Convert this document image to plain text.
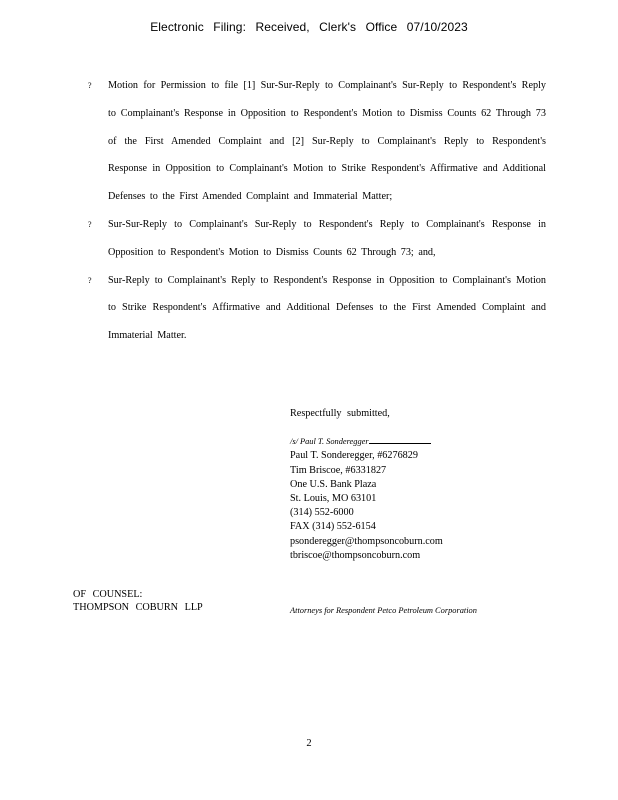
Electronic Filing: Received, Clerk's Office 07/10/2023
? Motion for Permission to file [1] Sur-Sur-Reply to Complainant's Sur-Reply to Respondent's Reply to Complainant's Response in Opposition to Respondent's Motion to Dismiss Counts 62 Through 73 of the First Amended Complaint and [2] Sur-Reply to Complainant's Reply to Respondent's Response in Opposition to Complainant's Motion to Strike Respondent's Affirmative and Additional Defenses to the First Amended Complaint and Immaterial Matter;
? Sur-Sur-Reply to Complainant's Sur-Reply to Respondent's Reply to Complainant's Response in Opposition to Respondent's Motion to Dismiss Counts 62 Through 73; and,
? Sur-Reply to Complainant's Reply to Respondent's Response in Opposition to Complainant's Motion to Strike Respondent's Affirmative and Additional Defenses to the First Amended Complaint and Immaterial Matter.
Respectfully submitted,
/s/ Paul T. Sonderegger
Paul T. Sonderegger, #6276829
Tim Briscoe, #6331827
One U.S. Bank Plaza
St. Louis, MO 63101
(314) 552-6000
FAX (314) 552-6154
psonderegger@thompsoncoburn.com
tbriscoe@thompsoncoburn.com
OF COUNSEL:
THOMPSON COBURN LLP	Attorneys for Respondent Petco Petroleum Corporation
2
